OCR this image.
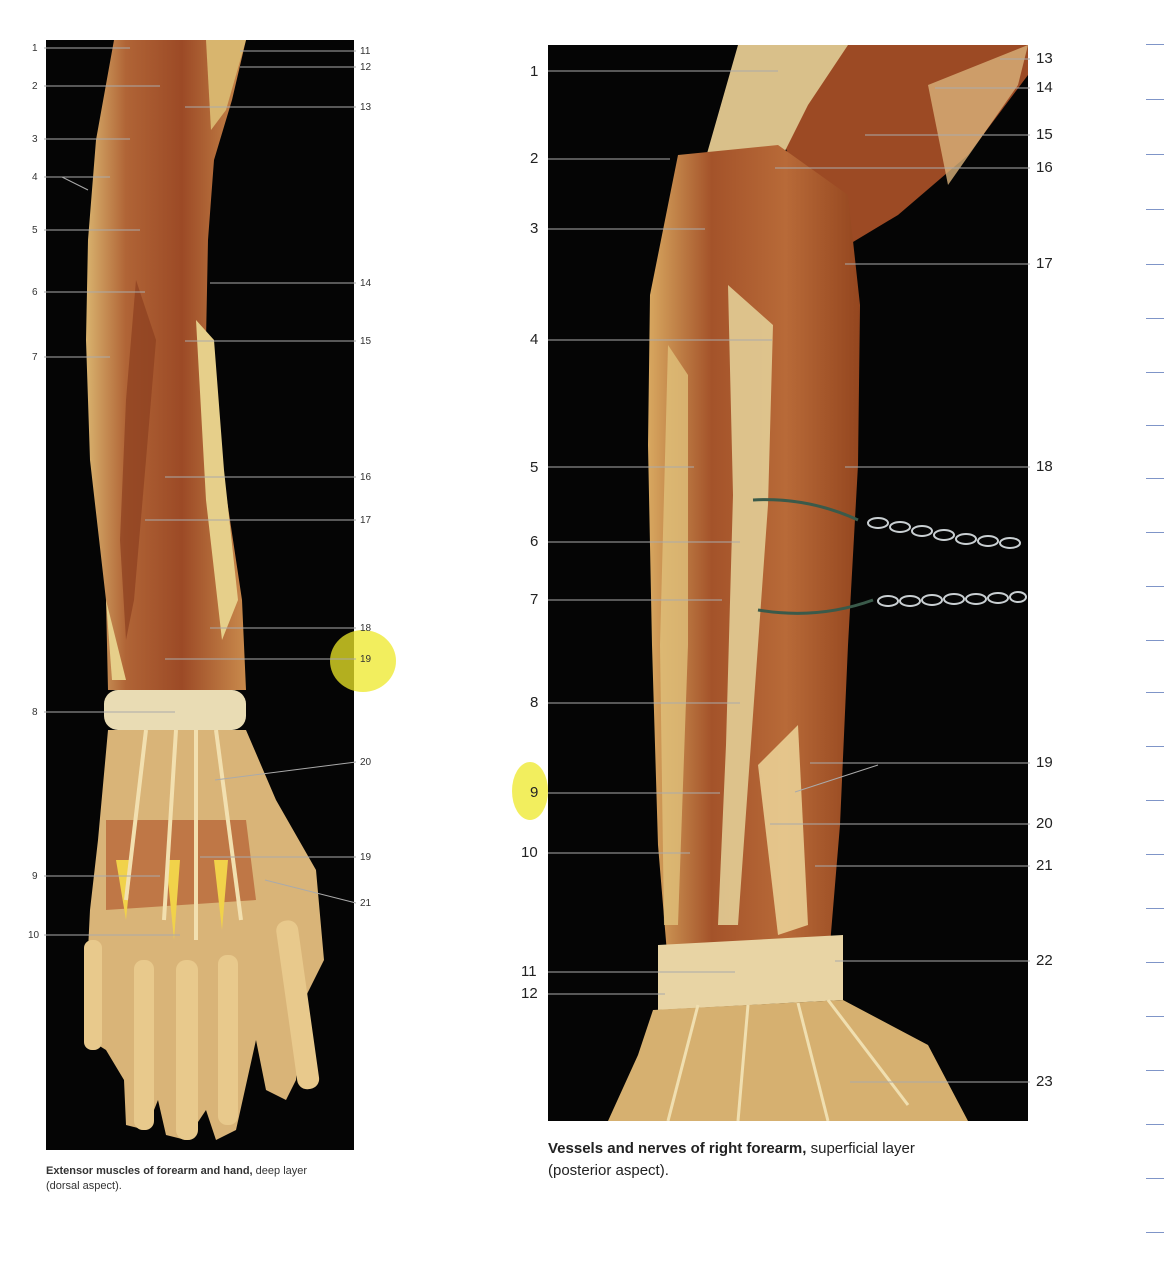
1
2
3
4
5
6
7
8
9
10
11
12
13
14
15
16
17
18
19
20
19
21
1
2
3
4
5
6
7
8
9
10
11
12
13
14
15
16
17
18
19
20
21
22
23
Extensor muscles of forearm and hand, deep layer
(dorsal aspect).
Vessels and nerves of right forearm, superficial layer
(posterior aspect).
